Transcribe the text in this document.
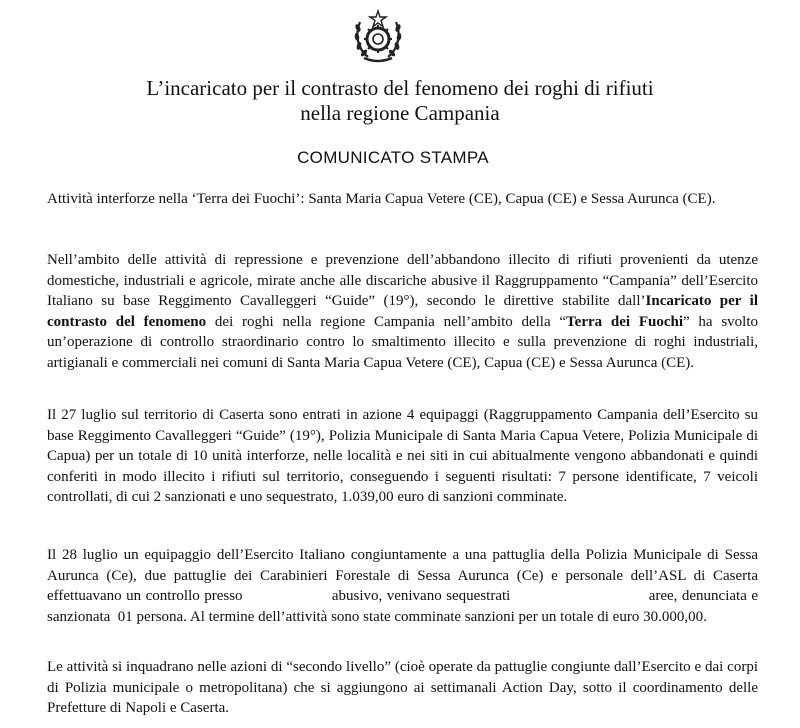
L’incaricato per il contrasto del fenomeno dei roghi di rifiuti
nella regione Campania
COMUNICATO STAMPA
Attività interforze nella ‘Terra dei Fuochi’: Santa Maria Capua Vetere (CE), Capua (CE) e Sessa Aurunca (CE).
Nell’ambito delle attività di repressione e prevenzione dell’abbandono illecito di rifiuti provenienti da utenze domestiche, industriali e agricole, mirate anche alle discariche abusive il Raggruppamento “Campania” dell’Esercito Italiano su base Reggimento Cavalleggeri “Guide” (19°), secondo le direttive stabilite dall’Incaricato per il contrasto del fenomeno dei roghi nella regione Campania nell’ambito della “Terra dei Fuochi” ha svolto un’operazione di controllo straordinario contro lo smaltimento illecito e sulla prevenzione di roghi industriali, artigianali e commerciali nei comuni di Santa Maria Capua Vetere (CE), Capua (CE) e Sessa Aurunca (CE).
Il 27 luglio sul territorio di Caserta sono entrati in azione 4 equipaggi (Raggruppamento Campania dell’Esercito su base Reggimento Cavalleggeri “Guide” (19°), Polizia Municipale di Santa Maria Capua Vetere, Polizia Municipale di Capua) per un totale di 10 unità interforze, nelle località e nei siti in cui abitualmente vengono abbandonati e quindi conferiti in modo illecito i rifiuti sul territorio, conseguendo i seguenti risultati: 7 persone identificate, 7 veicoli controllati, di cui 2 sanzionati e uno sequestrato, 1.039,00 euro di sanzioni comminate.
Il 28 luglio un equipaggio dell’Esercito Italiano congiuntamente a una pattuglia della Polizia Municipale di Sessa Aurunca (Ce), due pattuglie dei Carabinieri Forestale di Sessa Aurunca (Ce) e personale dell’ASL di Caserta effettuavano un controllo presso                    abusivo, venivano sequestrati                               aree, denunciata e sanzionata  01 persona. Al termine dell’attività sono state comminate sanzioni per un totale di euro 30.000,00.
Le attività si inquadrano nelle azioni di “secondo livello” (cioè operate da pattuglie congiunte dall’Esercito e dai corpi di Polizia municipale o metropolitana) che si aggiungono ai settimanali Action Day, sotto il coordinamento delle Prefetture di Napoli e Caserta.
